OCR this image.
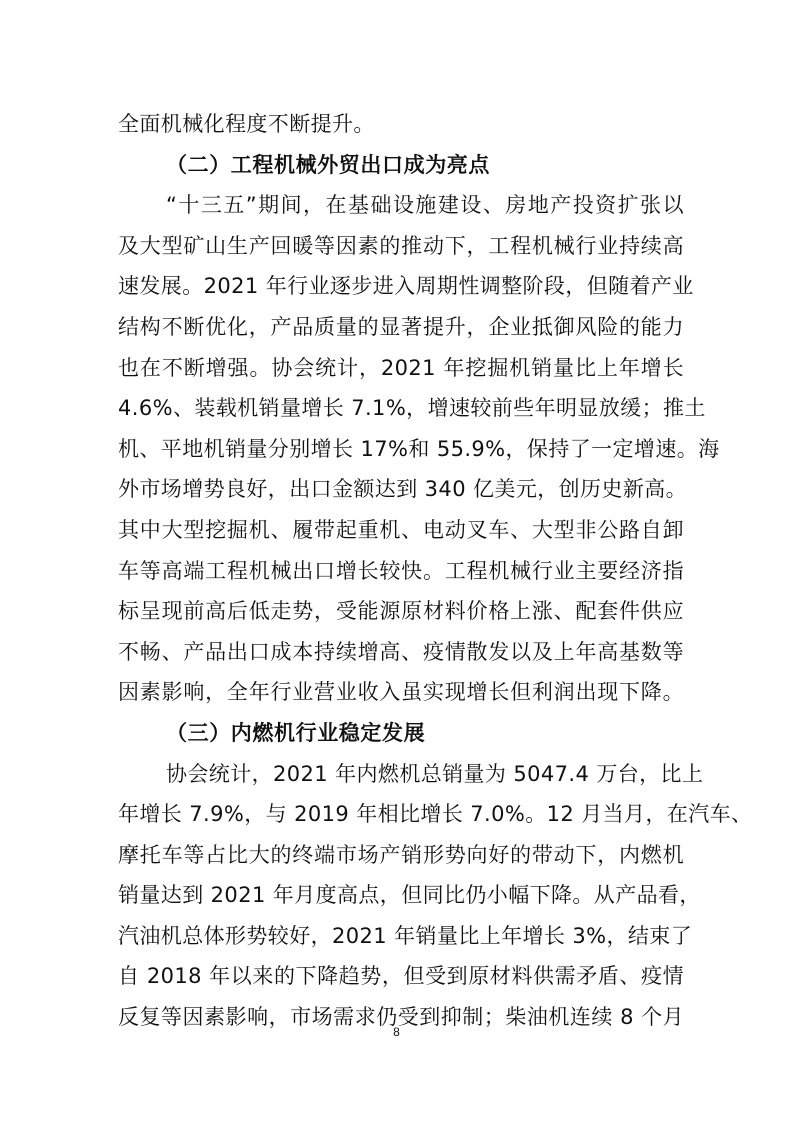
全面机械化程度不断提升。
（二）工程机械外贸出口成为亮点
“十三五”期间，在基础设施建设、房地产投资扩张以
及大型矿山生产回暖等因素的推动下，工程机械行业持续高
速发展。2021 年行业逐步进入周期性调整阶段，但随着产业
结构不断优化，产品质量的显著提升，企业抵御风险的能力
也在不断增强。协会统计，2021 年挖掘机销量比上年增长
4.6%、装载机销量增长 7.1%，增速较前些年明显放缓；推土
机、平地机销量分别增长 17%和 55.9%，保持了一定增速。海
外市场增势良好，出口金额达到 340 亿美元，创历史新高。
其中大型挖掘机、履带起重机、电动叉车、大型非公路自卸
车等高端工程机械出口增长较快。工程机械行业主要经济指
标呈现前高后低走势，受能源原材料价格上涨、配套件供应
不畅、产品出口成本持续增高、疫情散发以及上年高基数等
因素影响，全年行业营业收入虽实现增长但利润出现下降。
（三）内燃机行业稳定发展
协会统计，2021 年内燃机总销量为 5047.4 万台，比上
年增长 7.9%，与 2019 年相比增长 7.0%。12 月当月，在汽车、
摩托车等占比大的终端市场产销形势向好的带动下，内燃机
销量达到 2021 年月度高点，但同比仍小幅下降。从产品看，
汽油机总体形势较好，2021 年销量比上年增长 3%，结束了
自 2018 年以来的下降趋势，但受到原材料供需矛盾、疫情
反复等因素影响，市场需求仍受到抑制；柴油机连续 8 个月
8
